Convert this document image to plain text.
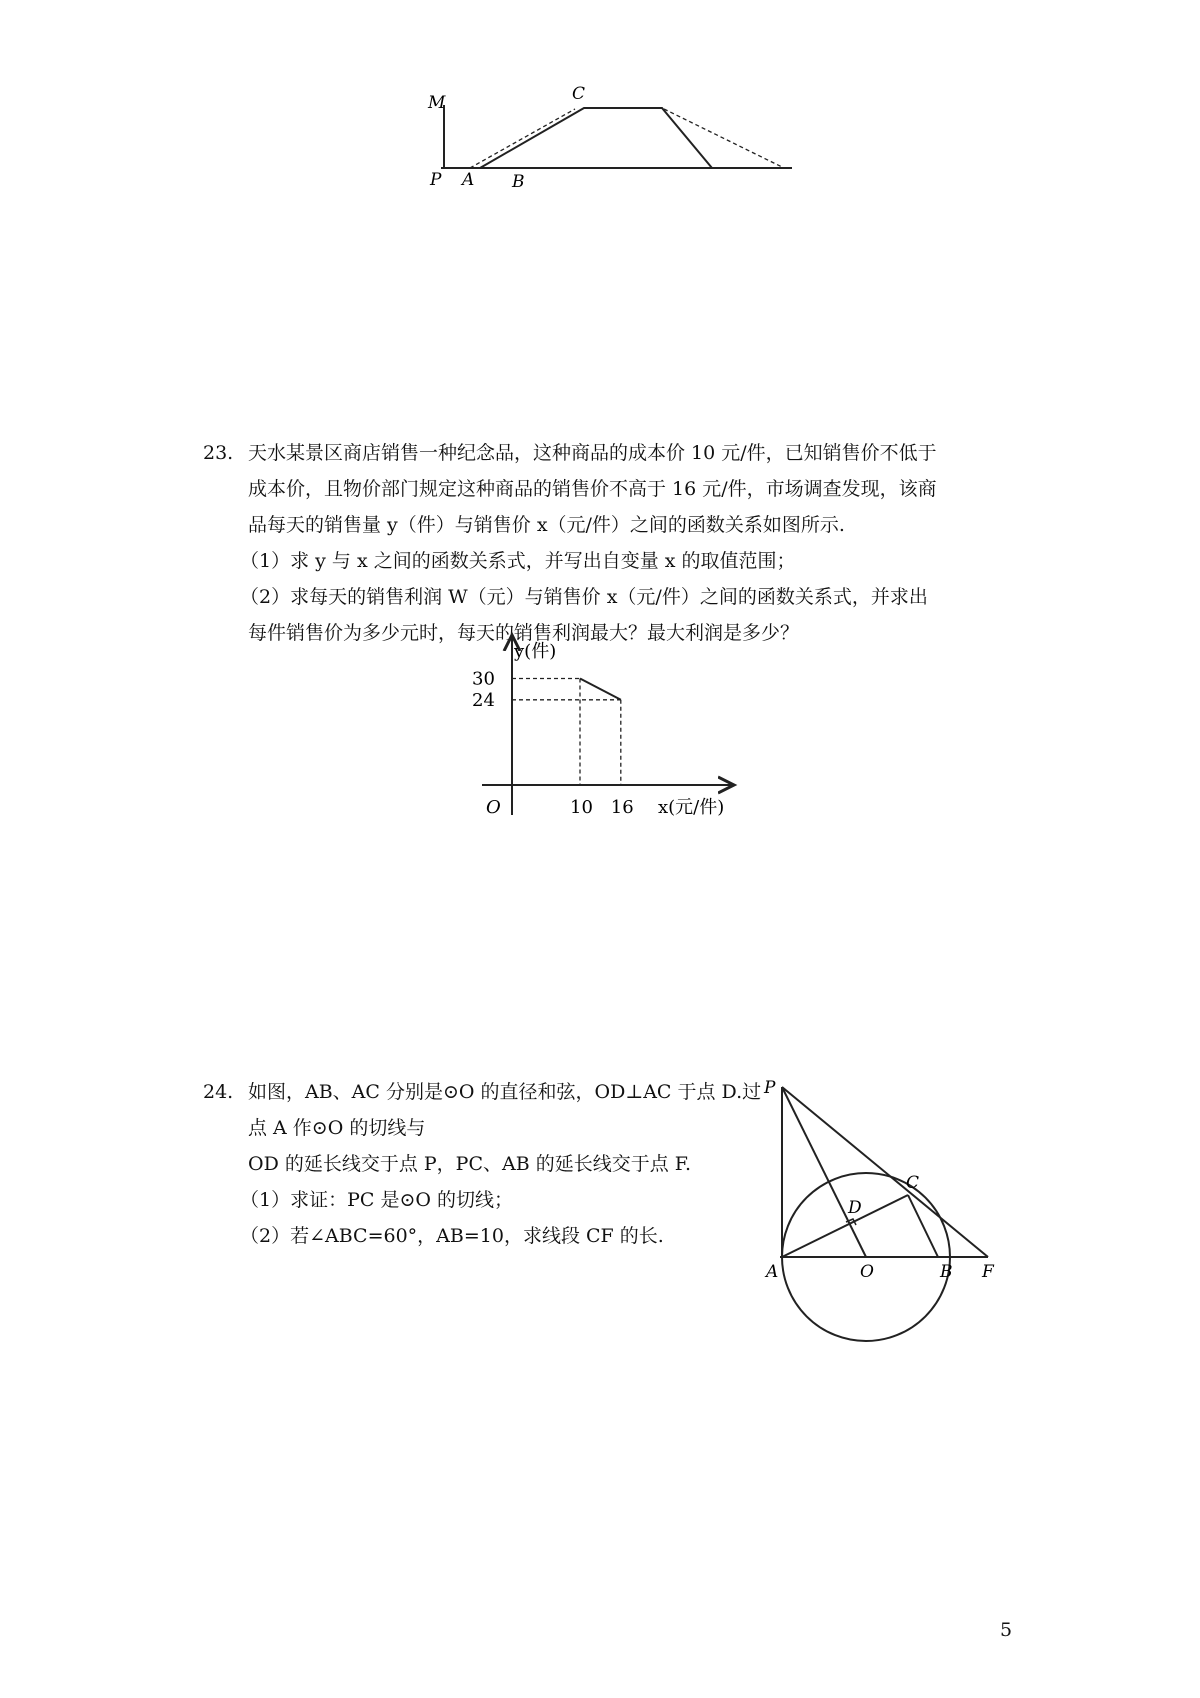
M	C
P A B
23. 天水某景区商店销售一种纪念品，这种商品的成本价 10 元/件，已知销售价不低于
成本价，且物价部门规定这种商品的销售价不高于 16 元/件，市场调查发现，该商
品每天的销售量 y（件）与销售价 x（元/件）之间的函数关系如图所示.
（1）求 y 与 x 之间的函数关系式，并写出自变量 x 的取值范围；
（2）求每天的销售利润 W（元）与销售价 x（元/件）之间的函数关系式，并求出
每件销售价为多少元时，每天的销售利润最大？最大利润是多少？
x(元/件)
y(件)
O	10
30
16
24
24. 如图，AB、AC 分别是⊙O 的直径和弦，OD⊥AC 于点 D.过
点 A 作⊙O 的切线与
OD 的延长线交于点 P，PC、AB 的延长线交于点 F.
（1）求证：PC 是⊙O 的切线；
（2）若∠ABC=60°，AB=10，求线段 CF 的长.
P
C
D
A	O	B F
5
